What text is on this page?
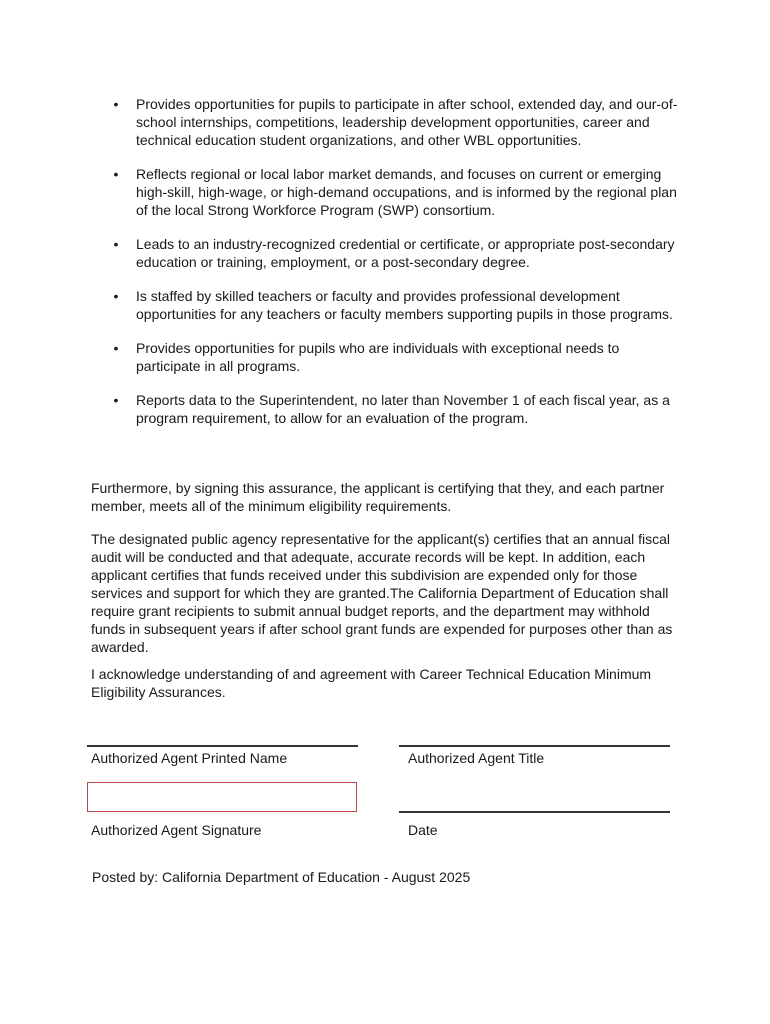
• Provides opportunities for pupils to participate in after school, extended day, and our-of-school internships, competitions, leadership development opportunities, career and technical education student organizations, and other WBL opportunities.
• Reflects regional or local labor market demands, and focuses on current or emerging high-skill, high-wage, or high-demand occupations, and is informed by the regional plan of the local Strong Workforce Program (SWP) consortium.
• Leads to an industry-recognized credential or certificate, or appropriate post-secondary education or training, employment, or a post-secondary degree.
• Is staffed by skilled teachers or faculty and provides professional development opportunities for any teachers or faculty members supporting pupils in those programs.
• Provides opportunities for pupils who are individuals with exceptional needs to participate in all programs.
• Reports data to the Superintendent, no later than November 1 of each fiscal year, as a program requirement, to allow for an evaluation of the program.

Furthermore, by signing this assurance, the applicant is certifying that they, and each partner member, meets all of the minimum eligibility requirements.

The designated public agency representative for the applicant(s) certifies that an annual fiscal audit will be conducted and that adequate, accurate records will be kept. In addition, each applicant certifies that funds received under this subdivision are expended only for those services and support for which they are granted.The California Department of Education shall require grant recipients to submit annual budget reports, and the department may withhold funds in subsequent years if after school grant funds are expended for purposes other than as awarded.

I acknowledge understanding of and agreement with Career Technical Education Minimum Eligibility Assurances.

Authorized Agent Printed Name	Authorized Agent Title
Authorized Agent Signature	Date
Posted by: California Department of Education - August 2025
